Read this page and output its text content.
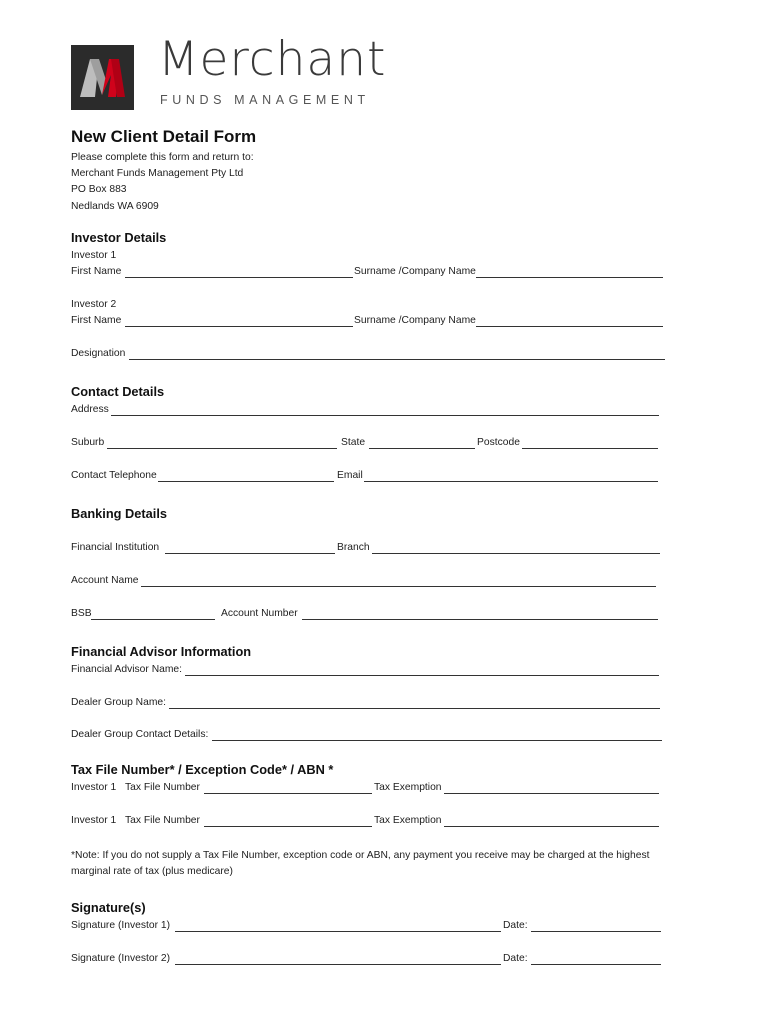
Merchant
FUNDS MANAGEMENT
New Client Detail Form
Please complete this form and return to:
Merchant Funds Management Pty Ltd
PO Box 883
Nedlands WA 6909
Investor Details
Investor 1
First Name	Surname /Company Name
Investor 2
First Name	Surname /Company Name
Designation
Contact Details
Address
Suburb	State	Postcode
Contact Telephone	Email
Banking Details
Financial Institution	Branch
Account Name
BSB	Account Number
Financial Advisor Information
Financial Advisor Name:
Dealer Group Name:
Dealer Group Contact Details:
Tax File Number* / Exception Code* / ABN *
Investor 1 Tax File Number	Tax Exemption
Investor 1 Tax File Number	Tax Exemption
*Note: If you do not supply a Tax File Number, exception code or ABN, any payment you receive may be charged at the highest
marginal rate of tax (plus medicare)
Signature(s)
Signature (Investor 1)	Date:
Signature (Investor 2)	Date:
